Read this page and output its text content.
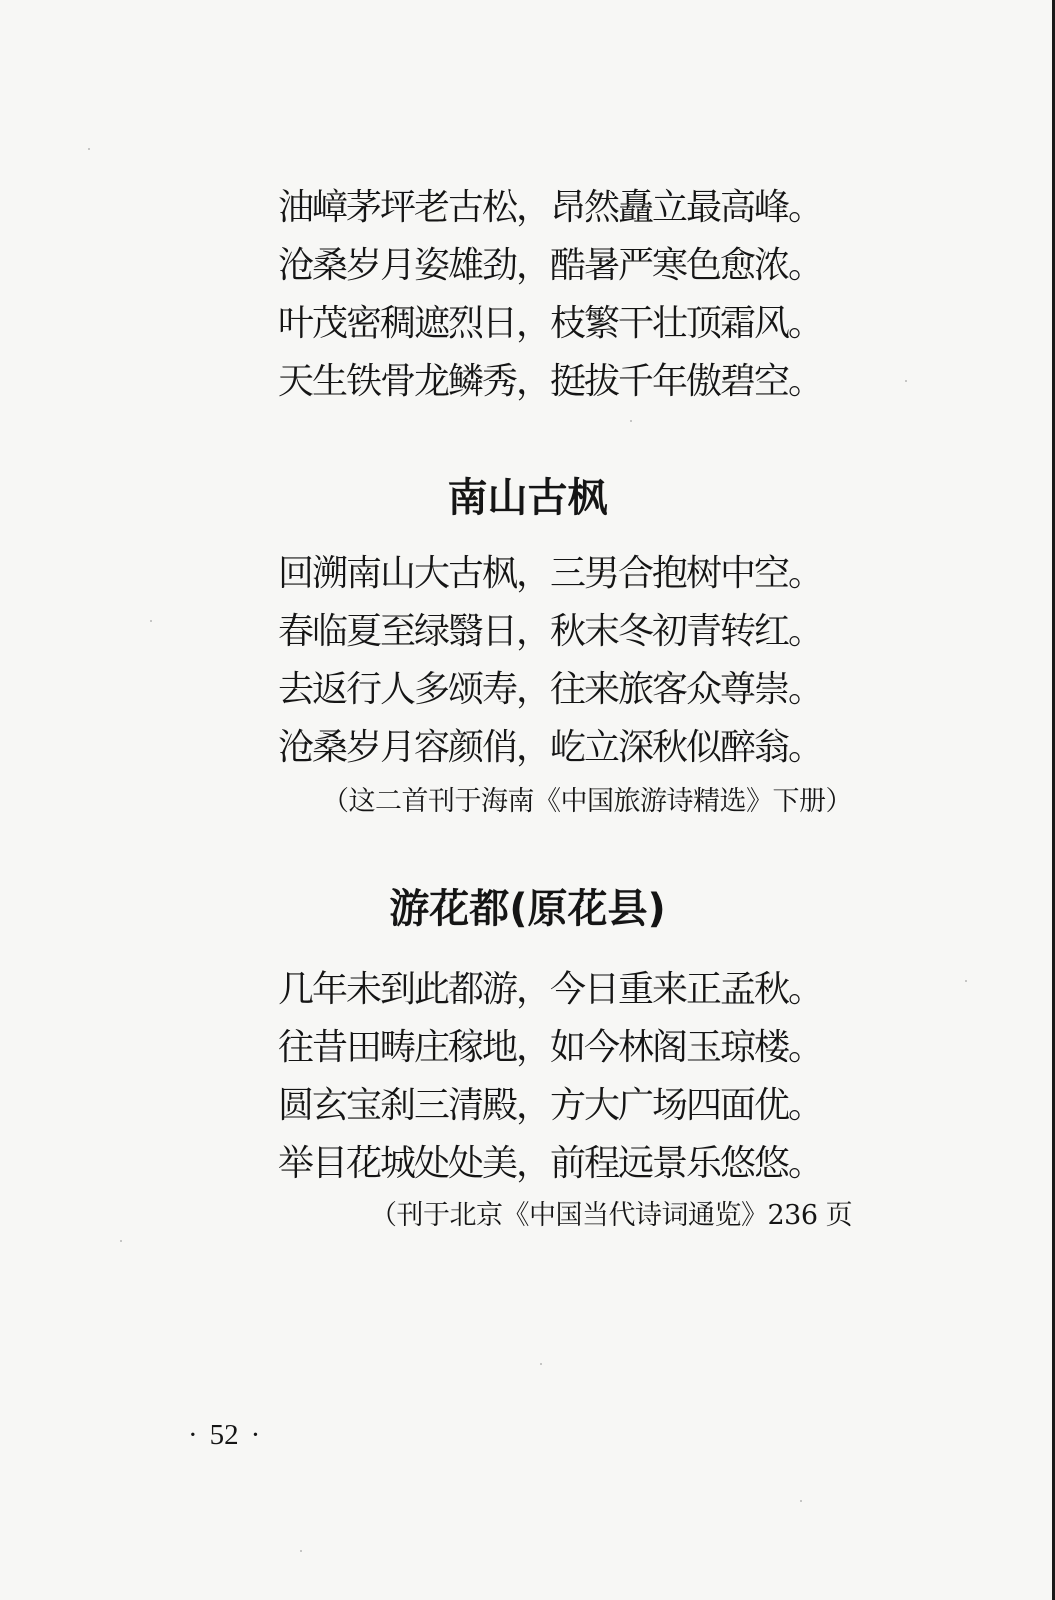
油嶂茅坪老古松，昂然矗立最高峰。
沧桑岁月姿雄劲，酷暑严寒色愈浓。
叶茂密稠遮烈日，枝繁干壮顶霜风。
天生铁骨龙鳞秀，挺拔千年傲碧空。
南山古枫
回溯南山大古枫，三男合抱树中空。
春临夏至绿翳日，秋末冬初青转红。
去返行人多颂寿，往来旅客众尊崇。
沧桑岁月容颜俏，屹立深秋似醉翁。
（这二首刊于海南《中国旅游诗精选》下册）
游花都(原花县)
几年未到此都游，今日重来正孟秋。
往昔田畴庄稼地，如今林阁玉琼楼。
圆玄宝刹三清殿，方大广场四面优。
举目花城处处美，前程远景乐悠悠。
（刊于北京《中国当代诗词通览》236 页
· 52 ·
